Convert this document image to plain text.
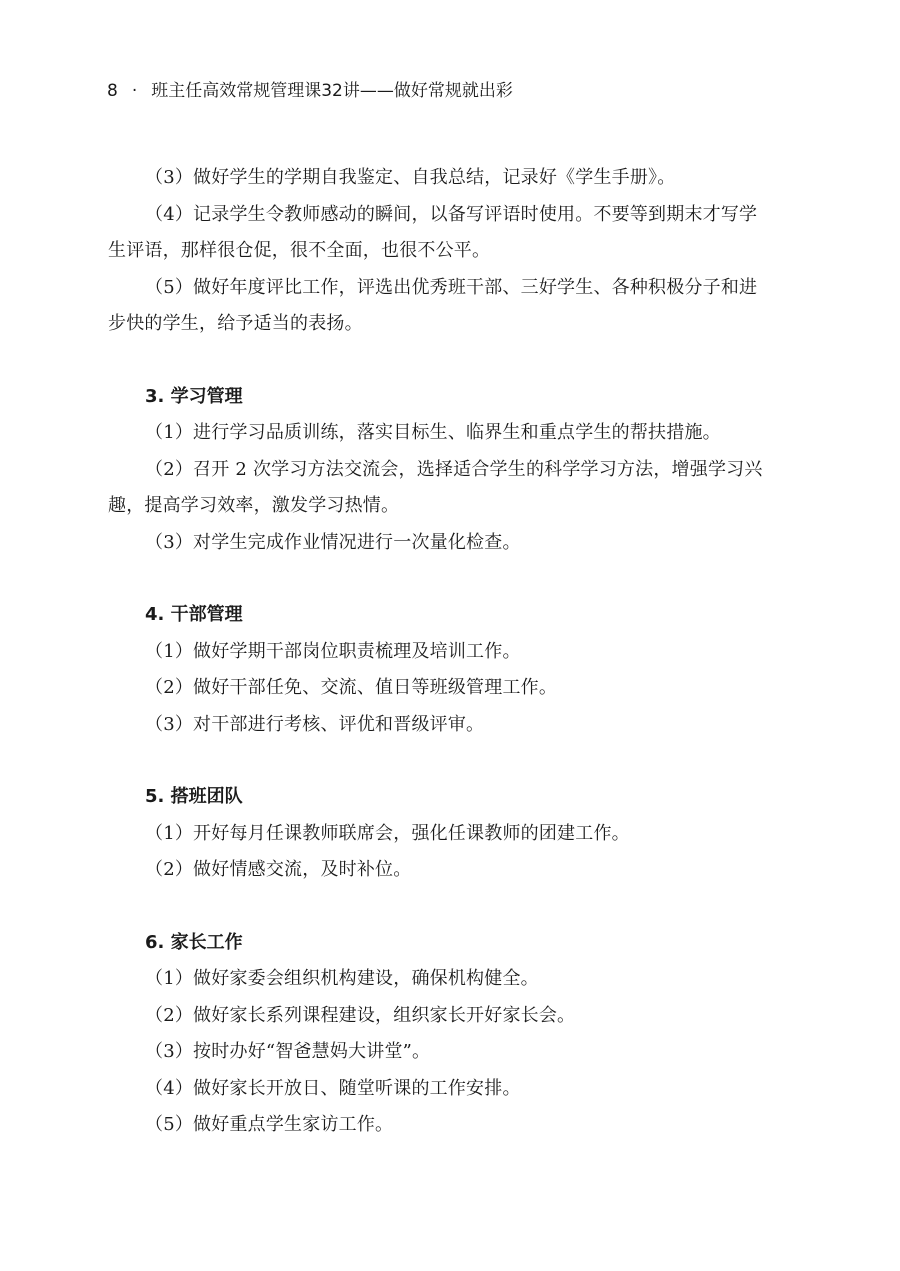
8 · 班主任高效常规管理课32讲——做好常规就出彩

（3）做好学生的学期自我鉴定、自我总结，记录好《学生手册》。

（4）记录学生令教师感动的瞬间，以备写评语时使用。不要等到期末才写学生评语，那样很仓促，很不全面，也很不公平。

（5）做好年度评比工作，评选出优秀班干部、三好学生、各种积极分子和进步快的学生，给予适当的表扬。

3. 学习管理

（1）进行学习品质训练，落实目标生、临界生和重点学生的帮扶措施。

（2）召开 2 次学习方法交流会，选择适合学生的科学学习方法，增强学习兴趣，提高学习效率，激发学习热情。

（3）对学生完成作业情况进行一次量化检查。

4. 干部管理

（1）做好学期干部岗位职责梳理及培训工作。

（2）做好干部任免、交流、值日等班级管理工作。

（3）对干部进行考核、评优和晋级评审。

5. 搭班团队

（1）开好每月任课教师联席会，强化任课教师的团建工作。

（2）做好情感交流，及时补位。

6. 家长工作

（1）做好家委会组织机构建设，确保机构健全。

（2）做好家长系列课程建设，组织家长开好家长会。

（3）按时办好“智爸慧妈大讲堂”。

（4）做好家长开放日、随堂听课的工作安排。

（5）做好重点学生家访工作。
